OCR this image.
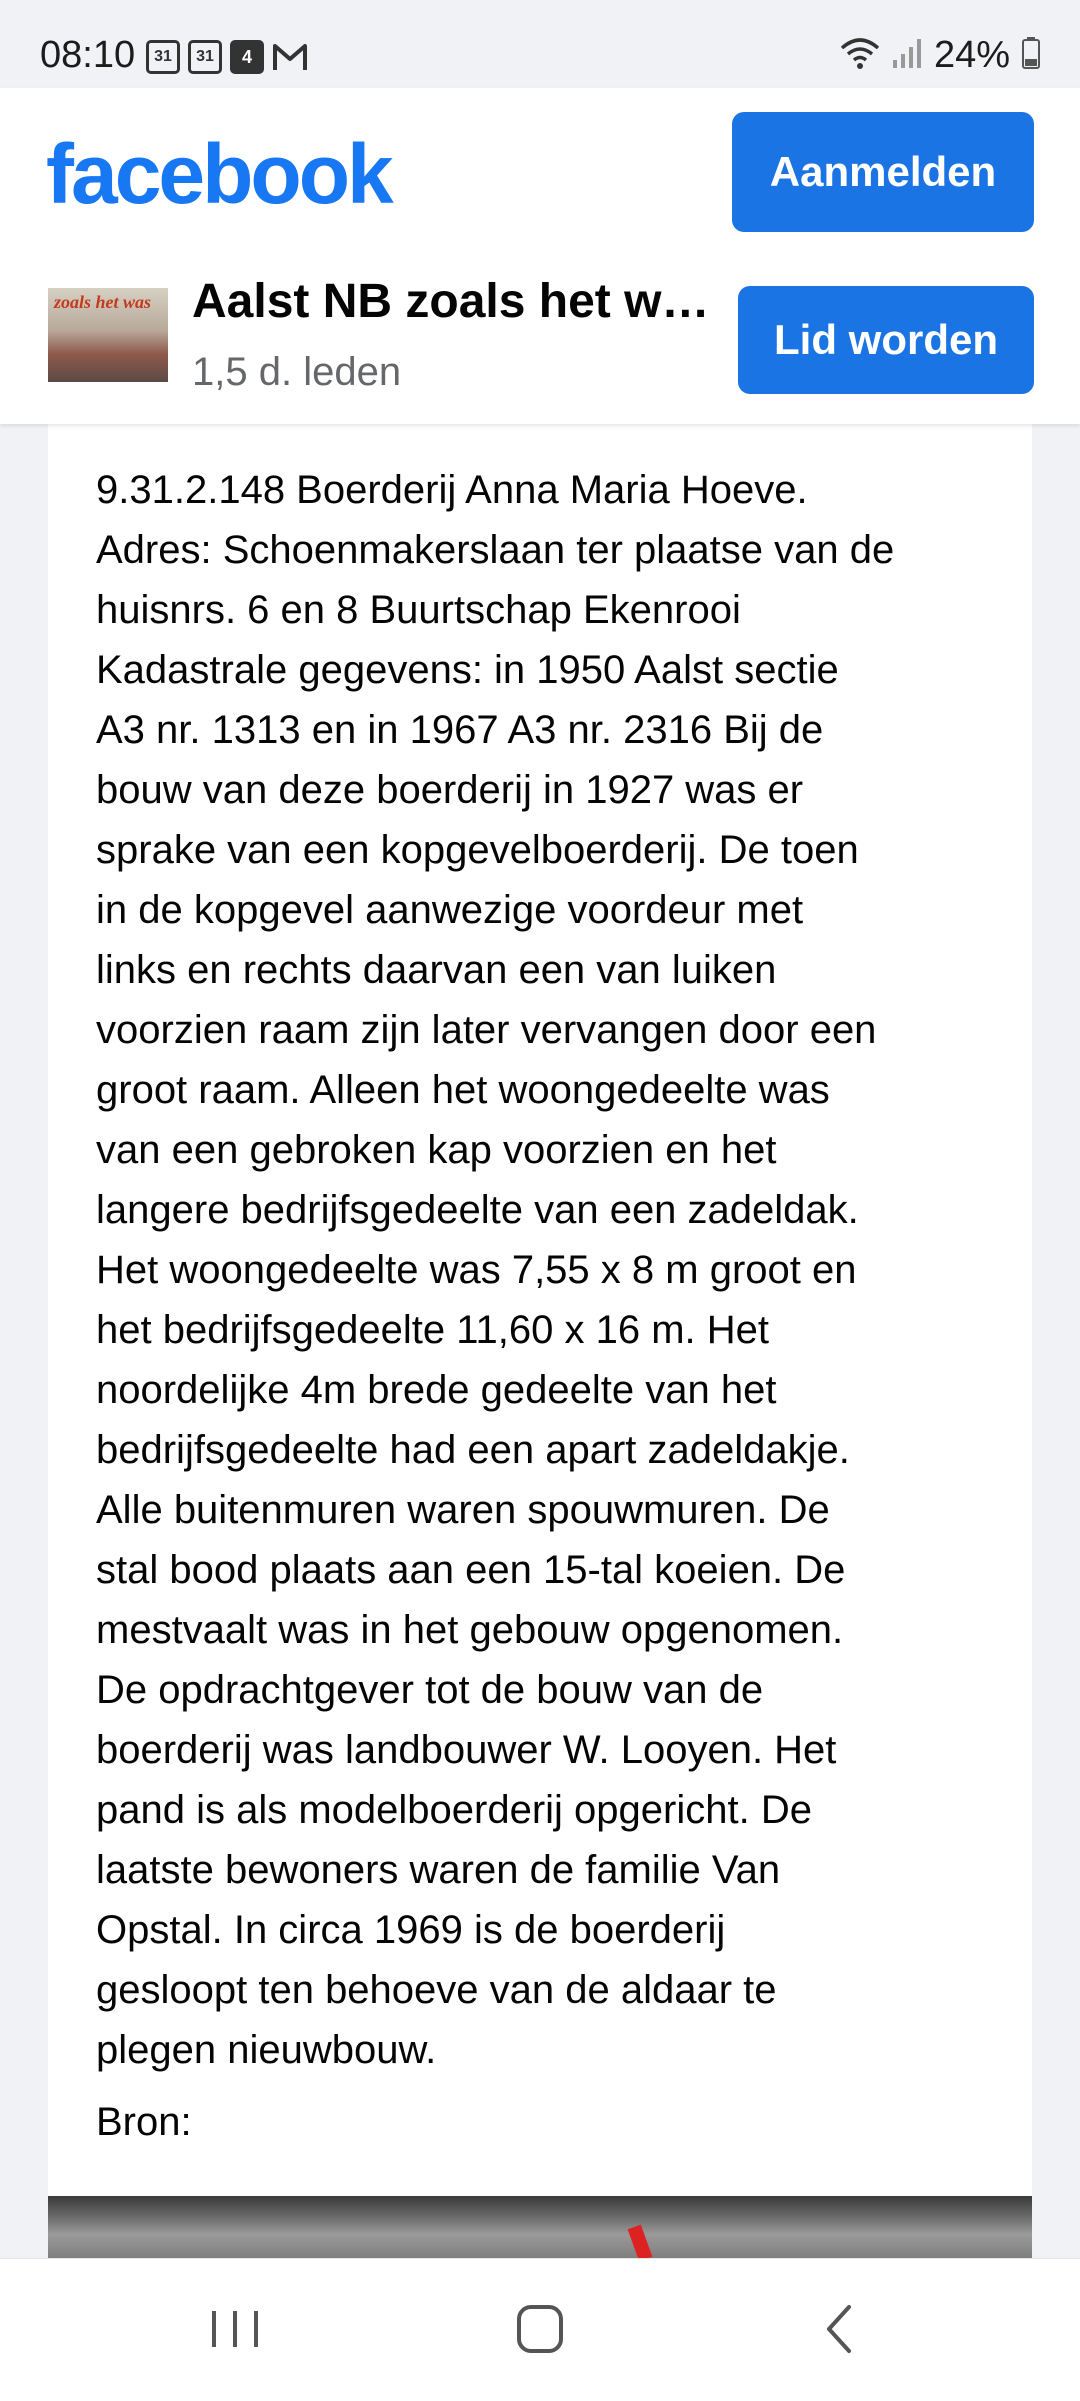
08:10	31	31	4	24%
facebook	Aanmelden
zoals het was Aalst NB zoals het w…
1,5 d. leden
Lid worden
9.31.2.148 Boerderij Anna Maria Hoeve.
Adres: Schoenmakerslaan ter plaatse van de
huisnrs. 6 en 8 Buurtschap Ekenrooi
Kadastrale gegevens: in 1950 Aalst sectie
A3 nr. 1313 en in 1967 A3 nr. 2316 Bij de
bouw van deze boerderij in 1927 was er
sprake van een kopgevelboerderij. De toen
in de kopgevel aanwezige voordeur met
links en rechts daarvan een van luiken
voorzien raam zijn later vervangen door een
groot raam. Alleen het woongedeelte was
van een gebroken kap voorzien en het
langere bedrijfsgedeelte van een zadeldak.
Het woongedeelte was 7,55 x 8 m groot en
het bedrijfsgedeelte 11,60 x 16 m. Het
noordelijke 4m brede gedeelte van het
bedrijfsgedeelte had een apart zadeldakje.
Alle buitenmuren waren spouwmuren. De
stal bood plaats aan een 15-tal koeien. De
mestvaalt was in het gebouw opgenomen.
De opdrachtgever tot de bouw van de
boerderij was landbouwer W. Looyen. Het
pand is als modelboerderij opgericht. De
laatste bewoners waren de familie Van
Opstal. In circa 1969 is de boerderij
gesloopt ten behoeve van de aldaar te
plegen nieuwbouw.
Bron:
